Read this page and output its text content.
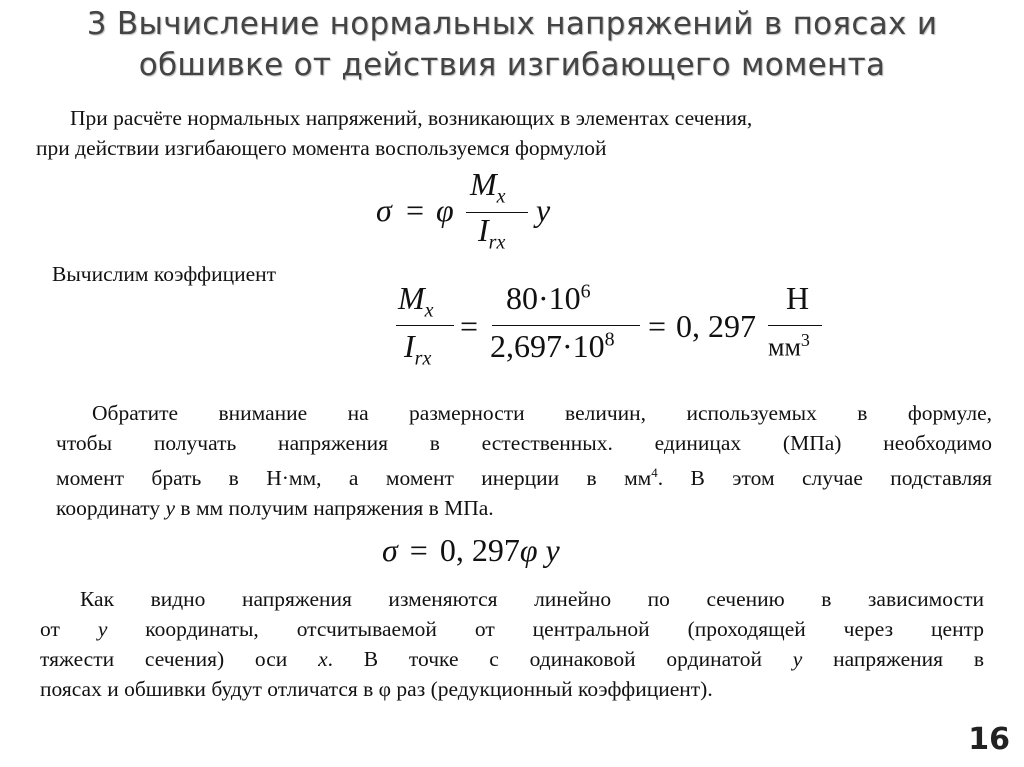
3 Вычисление нормальных напряжений в поясах и
обшивке от действия изгибающего момента
При расчёте нормальных напряжений, возникающих в элементах сечения,
при действии изгибающего момента воспользуемся формулой
σ = φ
$M_x$
$I_{rx}$
y
Вычислим коэффициент
$M_x$
$I_{rx}$
=
$80\cdot 10^6$
$2,697\cdot 10^8 = 0$, 297
Н
$мм^3$
Обратите внимание на размерности величин, используемых в формуле,
чтобы получать напряжения в естественных. единицах (МПа) необходимо
момент брать в Н·мм, а момент инерции в $мм^4$. В этом случае подставляя
координату y в мм получим напряжения в МПа.
σ = 0, 297φ y
Как видно напряжения изменяются линейно по сечению в зависимости
от y координаты, отсчитываемой от центральной (проходящей через центр
тяжести сечения) оси x. В точке с одинаковой ординатой y напряжения в
поясах и обшивки будут отличатся в φ раз (редукционный коэффициент).
16
